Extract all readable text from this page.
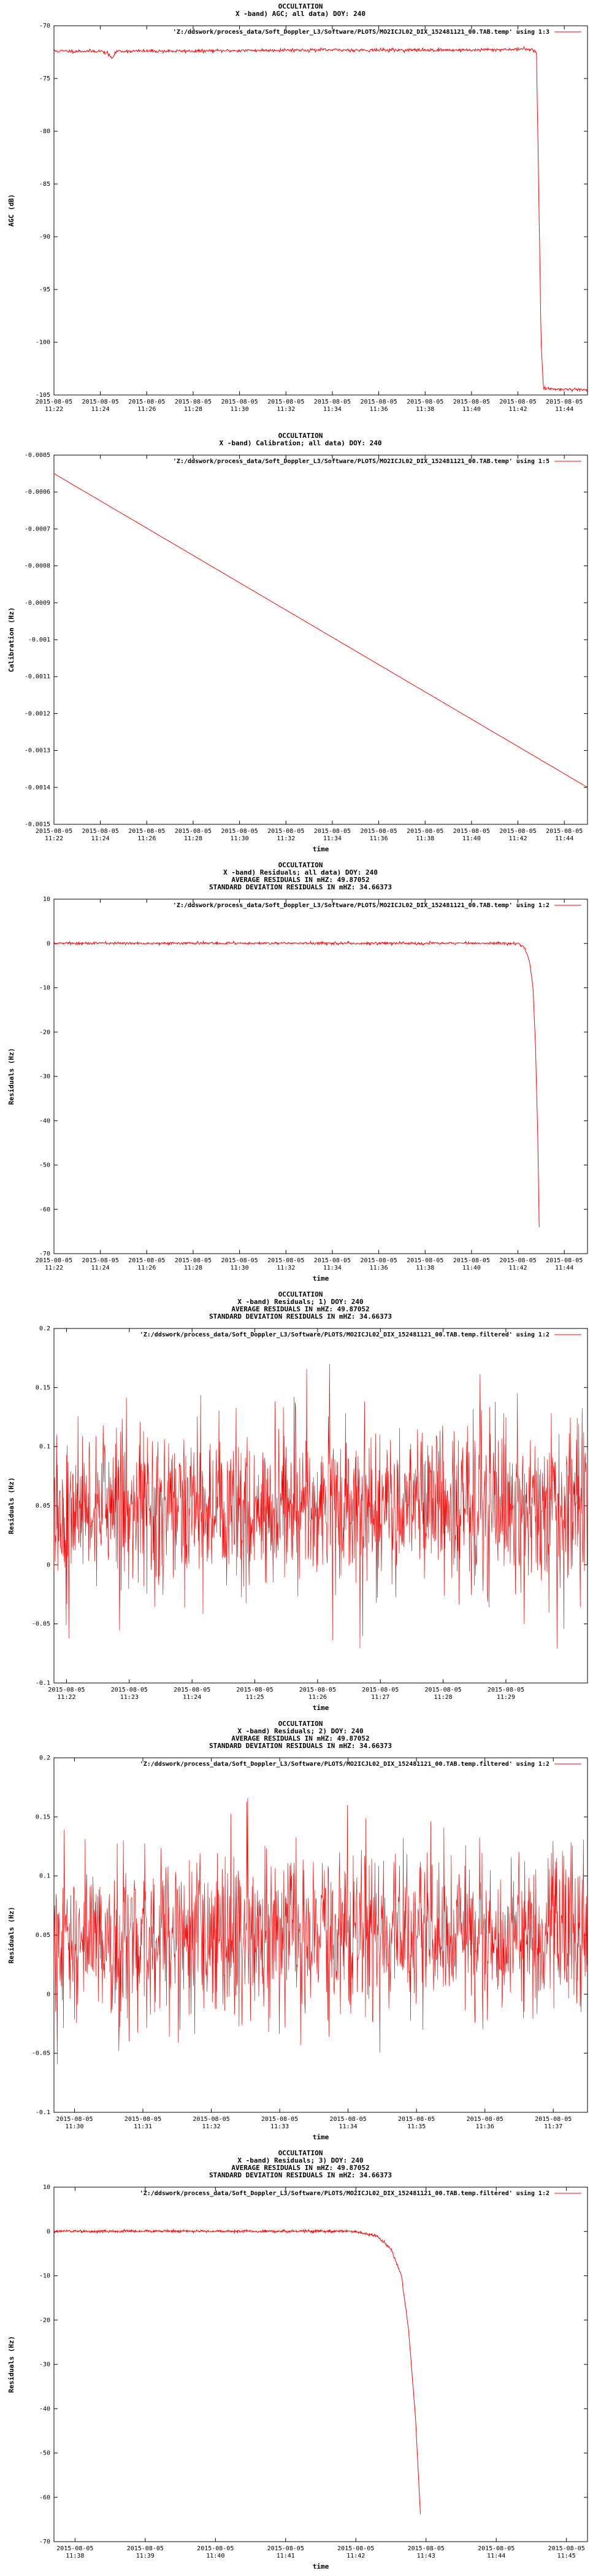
OCCULTATION
X -band) AGC; all data) DOY: 240
-70
-75
-80
-85
-90
-95
-100
-105
2015-08-05
11:22
2015-08-05
11:24
2015-08-05
11:26
2015-08-05
11:28
2015-08-05
11:30
2015-08-05
11:32
2015-08-05
11:34
2015-08-05
11:36
2015-08-05
11:38
2015-08-05
11:40
2015-08-05
11:42
2015-08-05
11:44
AGC (dB)
'Z:/ddswork/process_data/Soft_Doppler_L3/Software/PLOTS/MO2ICJL02_DIX_152481121_00.TAB.temp' using 1:3
OCCULTATION
X -band) Calibration; all data) DOY: 240
-0.0005
-0.0006
-0.0007
-0.0008
-0.0009
-0.001
-0.0011
-0.0012
-0.0013
-0.0014
-0.0015
2015-08-05
11:22
2015-08-05
11:24
2015-08-05
11:26
2015-08-05
11:28
2015-08-05
11:30
2015-08-05
11:32
2015-08-05
11:34
2015-08-05
11:36
2015-08-05
11:38
2015-08-05
11:40
2015-08-05
11:42
2015-08-05
11:44
Calibration (Hz)
time
'Z:/ddswork/process_data/Soft_Doppler_L3/Software/PLOTS/MO2ICJL02_DIX_152481121_00.TAB.temp' using 1:5
OCCULTATION
X -band) Residuals; all data) DOY: 240
AVERAGE RESIDUALS IN mHZ: 49.87052
STANDARD DEVIATION RESIDUALS IN mHZ: 34.66373
10
0
-10
-20
-30
-40
-50
-60
-70
2015-08-05
11:22
2015-08-05
11:24
2015-08-05
11:26
2015-08-05
11:28
2015-08-05
11:30
2015-08-05
11:32
2015-08-05
11:34
2015-08-05
11:36
2015-08-05
11:38
2015-08-05
11:40
2015-08-05
11:42
2015-08-05
11:44
Residuals (Hz)
time
'Z:/ddswork/process_data/Soft_Doppler_L3/Software/PLOTS/MO2ICJL02_DIX_152481121_00.TAB.temp' using 1:2
OCCULTATION
X -band) Residuals; 1) DOY: 240
AVERAGE RESIDUALS IN mHZ: 49.87052
STANDARD DEVIATION RESIDUALS IN mHZ: 34.66373
0.2
0.15
0.1
0.05
0
-0.05
-0.1
2015-08-05
11:22
2015-08-05
11:23
2015-08-05
11:24
2015-08-05
11:25
2015-08-05
11:26
2015-08-05
11:27
2015-08-05
11:28
2015-08-05
11:29
Residuals (Hz)
time
'Z:/ddswork/process_data/Soft_Doppler_L3/Software/PLOTS/MO2ICJL02_DIX_152481121_00.TAB.temp.filtered' using 1:2
OCCULTATION
X -band) Residuals; 2) DOY: 240
AVERAGE RESIDUALS IN mHZ: 49.87052
STANDARD DEVIATION RESIDUALS IN mHZ: 34.66373
0.2
0.15
0.1
0.05
0
-0.05
-0.1
2015-08-05
11:30
2015-08-05
11:31
2015-08-05
11:32
2015-08-05
11:33
2015-08-05
11:34
2015-08-05
11:35
2015-08-05
11:36
2015-08-05
11:37
Residuals (Hz)
time
'Z:/ddswork/process_data/Soft_Doppler_L3/Software/PLOTS/MO2ICJL02_DIX_152481121_00.TAB.temp.filtered' using 1:2
OCCULTATION
X -band) Residuals; 3) DOY: 240
AVERAGE RESIDUALS IN mHZ: 49.87052
STANDARD DEVIATION RESIDUALS IN mHZ: 34.66373
10
0
-10
-20
-30
-40
-50
-60
-70
2015-08-05
11:38
2015-08-05
11:39
2015-08-05
11:40
2015-08-05
11:41
2015-08-05
11:42
2015-08-05
11:43
2015-08-05
11:44
2015-08-05
11:45
Residuals (Hz)
time
'Z:/ddswork/process_data/Soft_Doppler_L3/Software/PLOTS/MO2ICJL02_DIX_152481121_00.TAB.temp.filtered' using 1:2
